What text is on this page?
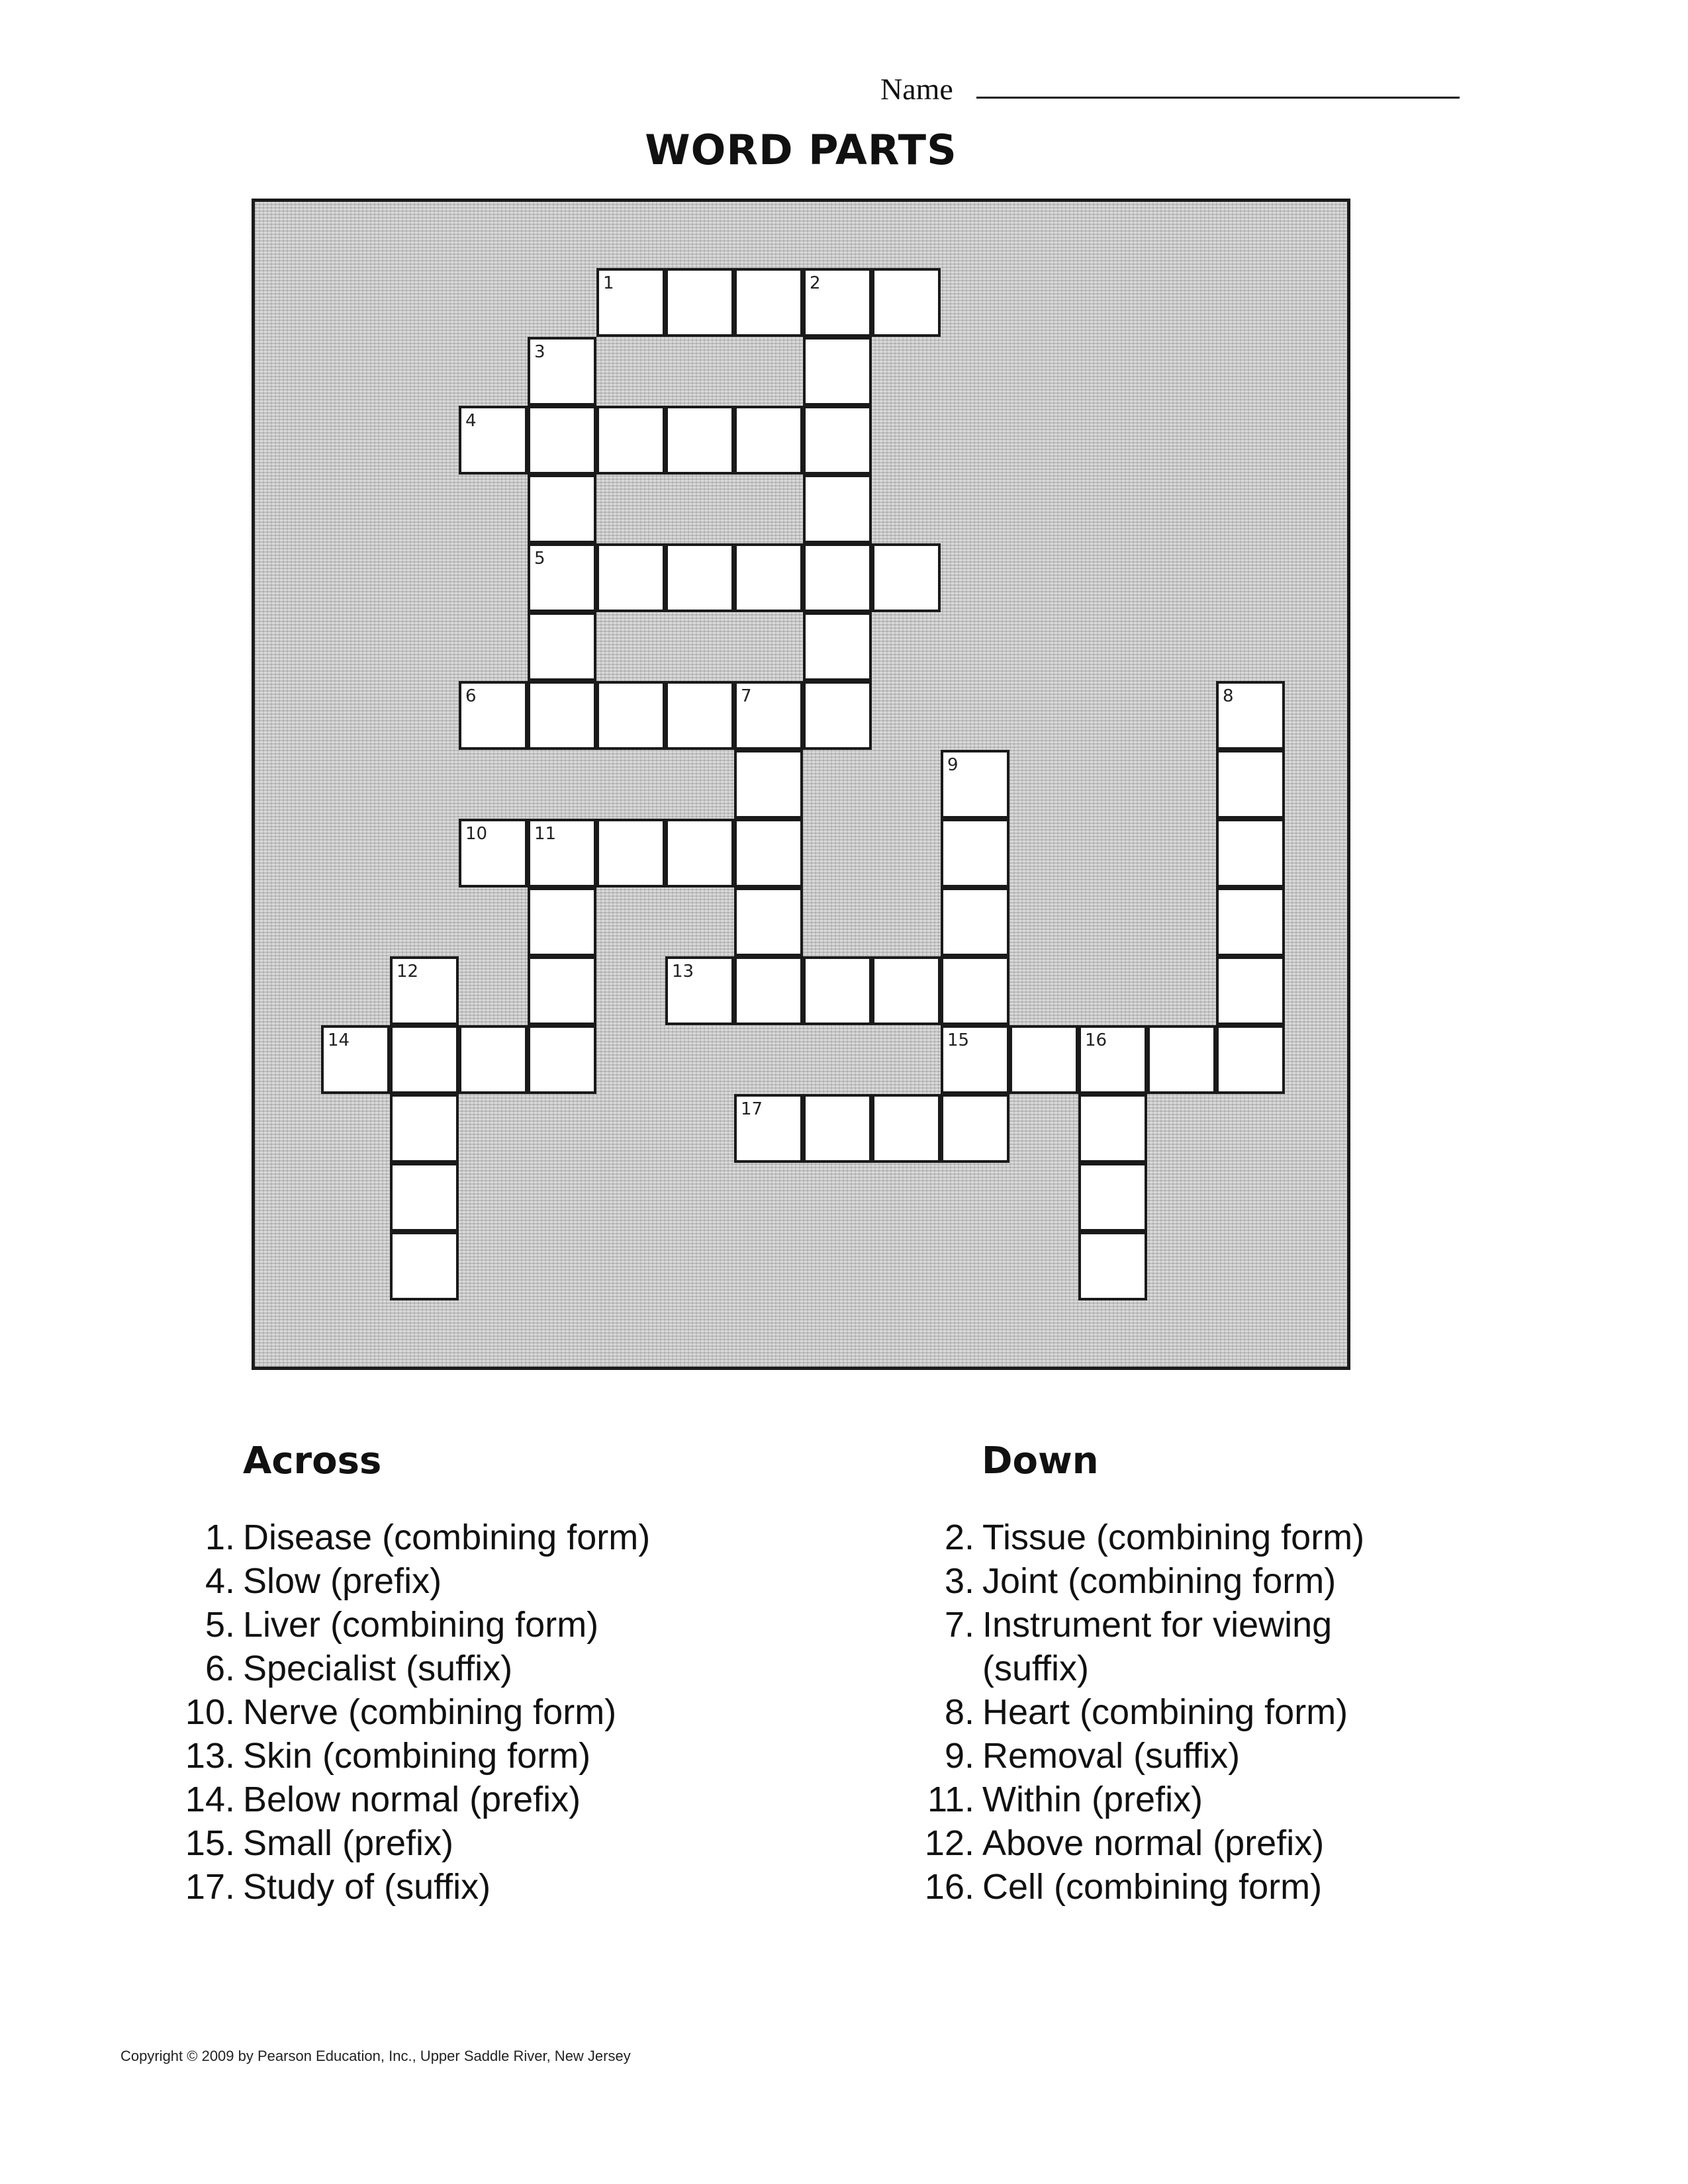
Name
WORD PARTS
1	2
3
5
4
6	7	8
9
15
10	11
12	13
14	16
17
Across	Down
1. Disease (combining form)
4. Slow (prefix)
5. Liver (combining form)
6. Specialist (suffix)
10. Nerve (combining form)
13. Skin (combining form)
14. Below normal (prefix)
15. Small (prefix)
17. Study of (suffix)
2. Tissue (combining form)
3. Joint (combining form)
7. Instrument for viewing
(suffix)
8. Heart (combining form)
9. Removal (suffix)
11. Within (prefix)
12. Above normal (prefix)
16. Cell (combining form)
Copyright © 2009 by Pearson Education, Inc., Upper Saddle River, New Jersey
